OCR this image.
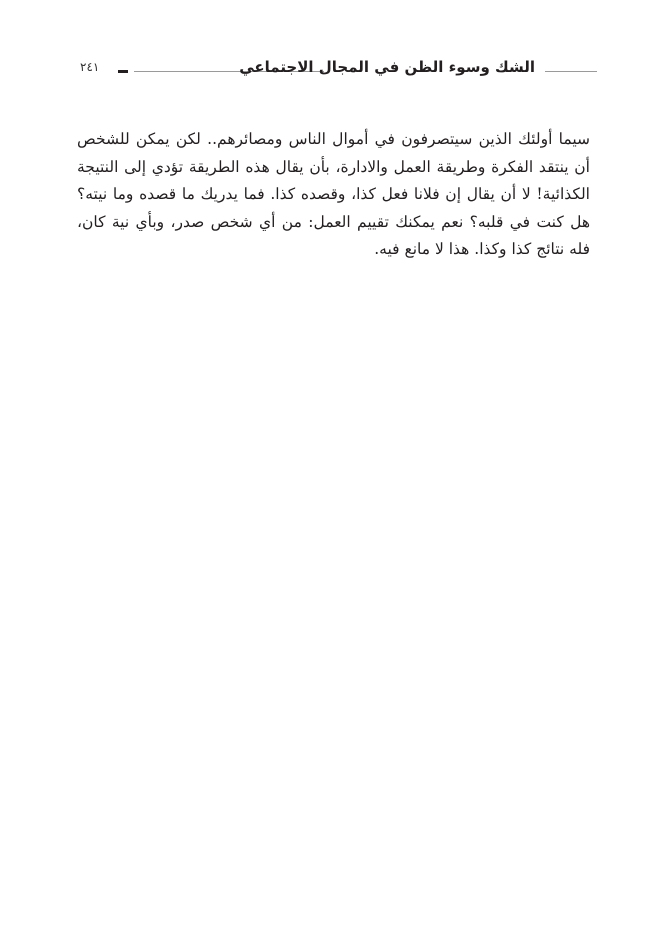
٢٤١	الشك وسوء الظن في المجال الاجتماعي
سيما أولئك الذين سيتصرفون في أموال الناس ومصائرهم.. لكن يمكن للشخص
أن ينتقد الفكرة وطريقة العمل والادارة، بأن يقال هذه الطريقة تؤدي إلى النتيجة
الكذائية! لا أن يقال إن فلانا فعل كذا، وقصده كذا. فما يدريك ما قصده وما نيته؟
هل كنت في قلبه؟ نعم يمكنك تقييم العمل: من أي شخص صدر، وبأي نية كان،
فله نتائج كذا وكذا. هذا لا مانع فيه.
